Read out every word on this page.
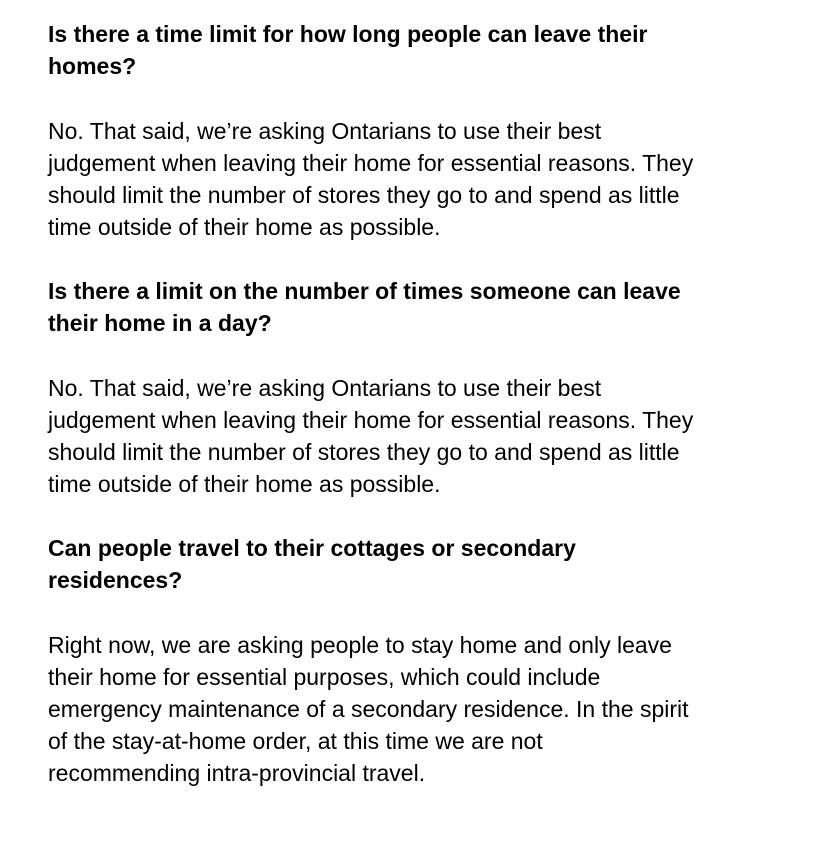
Is there a time limit for how long people can leave their
homes?

No. That said, we’re asking Ontarians to use their best
judgement when leaving their home for essential reasons. They
should limit the number of stores they go to and spend as little
time outside of their home as possible.

Is there a limit on the number of times someone can leave
their home in a day?

No. That said, we’re asking Ontarians to use their best
judgement when leaving their home for essential reasons. They
should limit the number of stores they go to and spend as little
time outside of their home as possible.

Can people travel to their cottages or secondary
residences?

Right now, we are asking people to stay home and only leave
their home for essential purposes, which could include
emergency maintenance of a secondary residence. In the spirit
of the stay-at-home order, at this time we are not
recommending intra-provincial travel.
